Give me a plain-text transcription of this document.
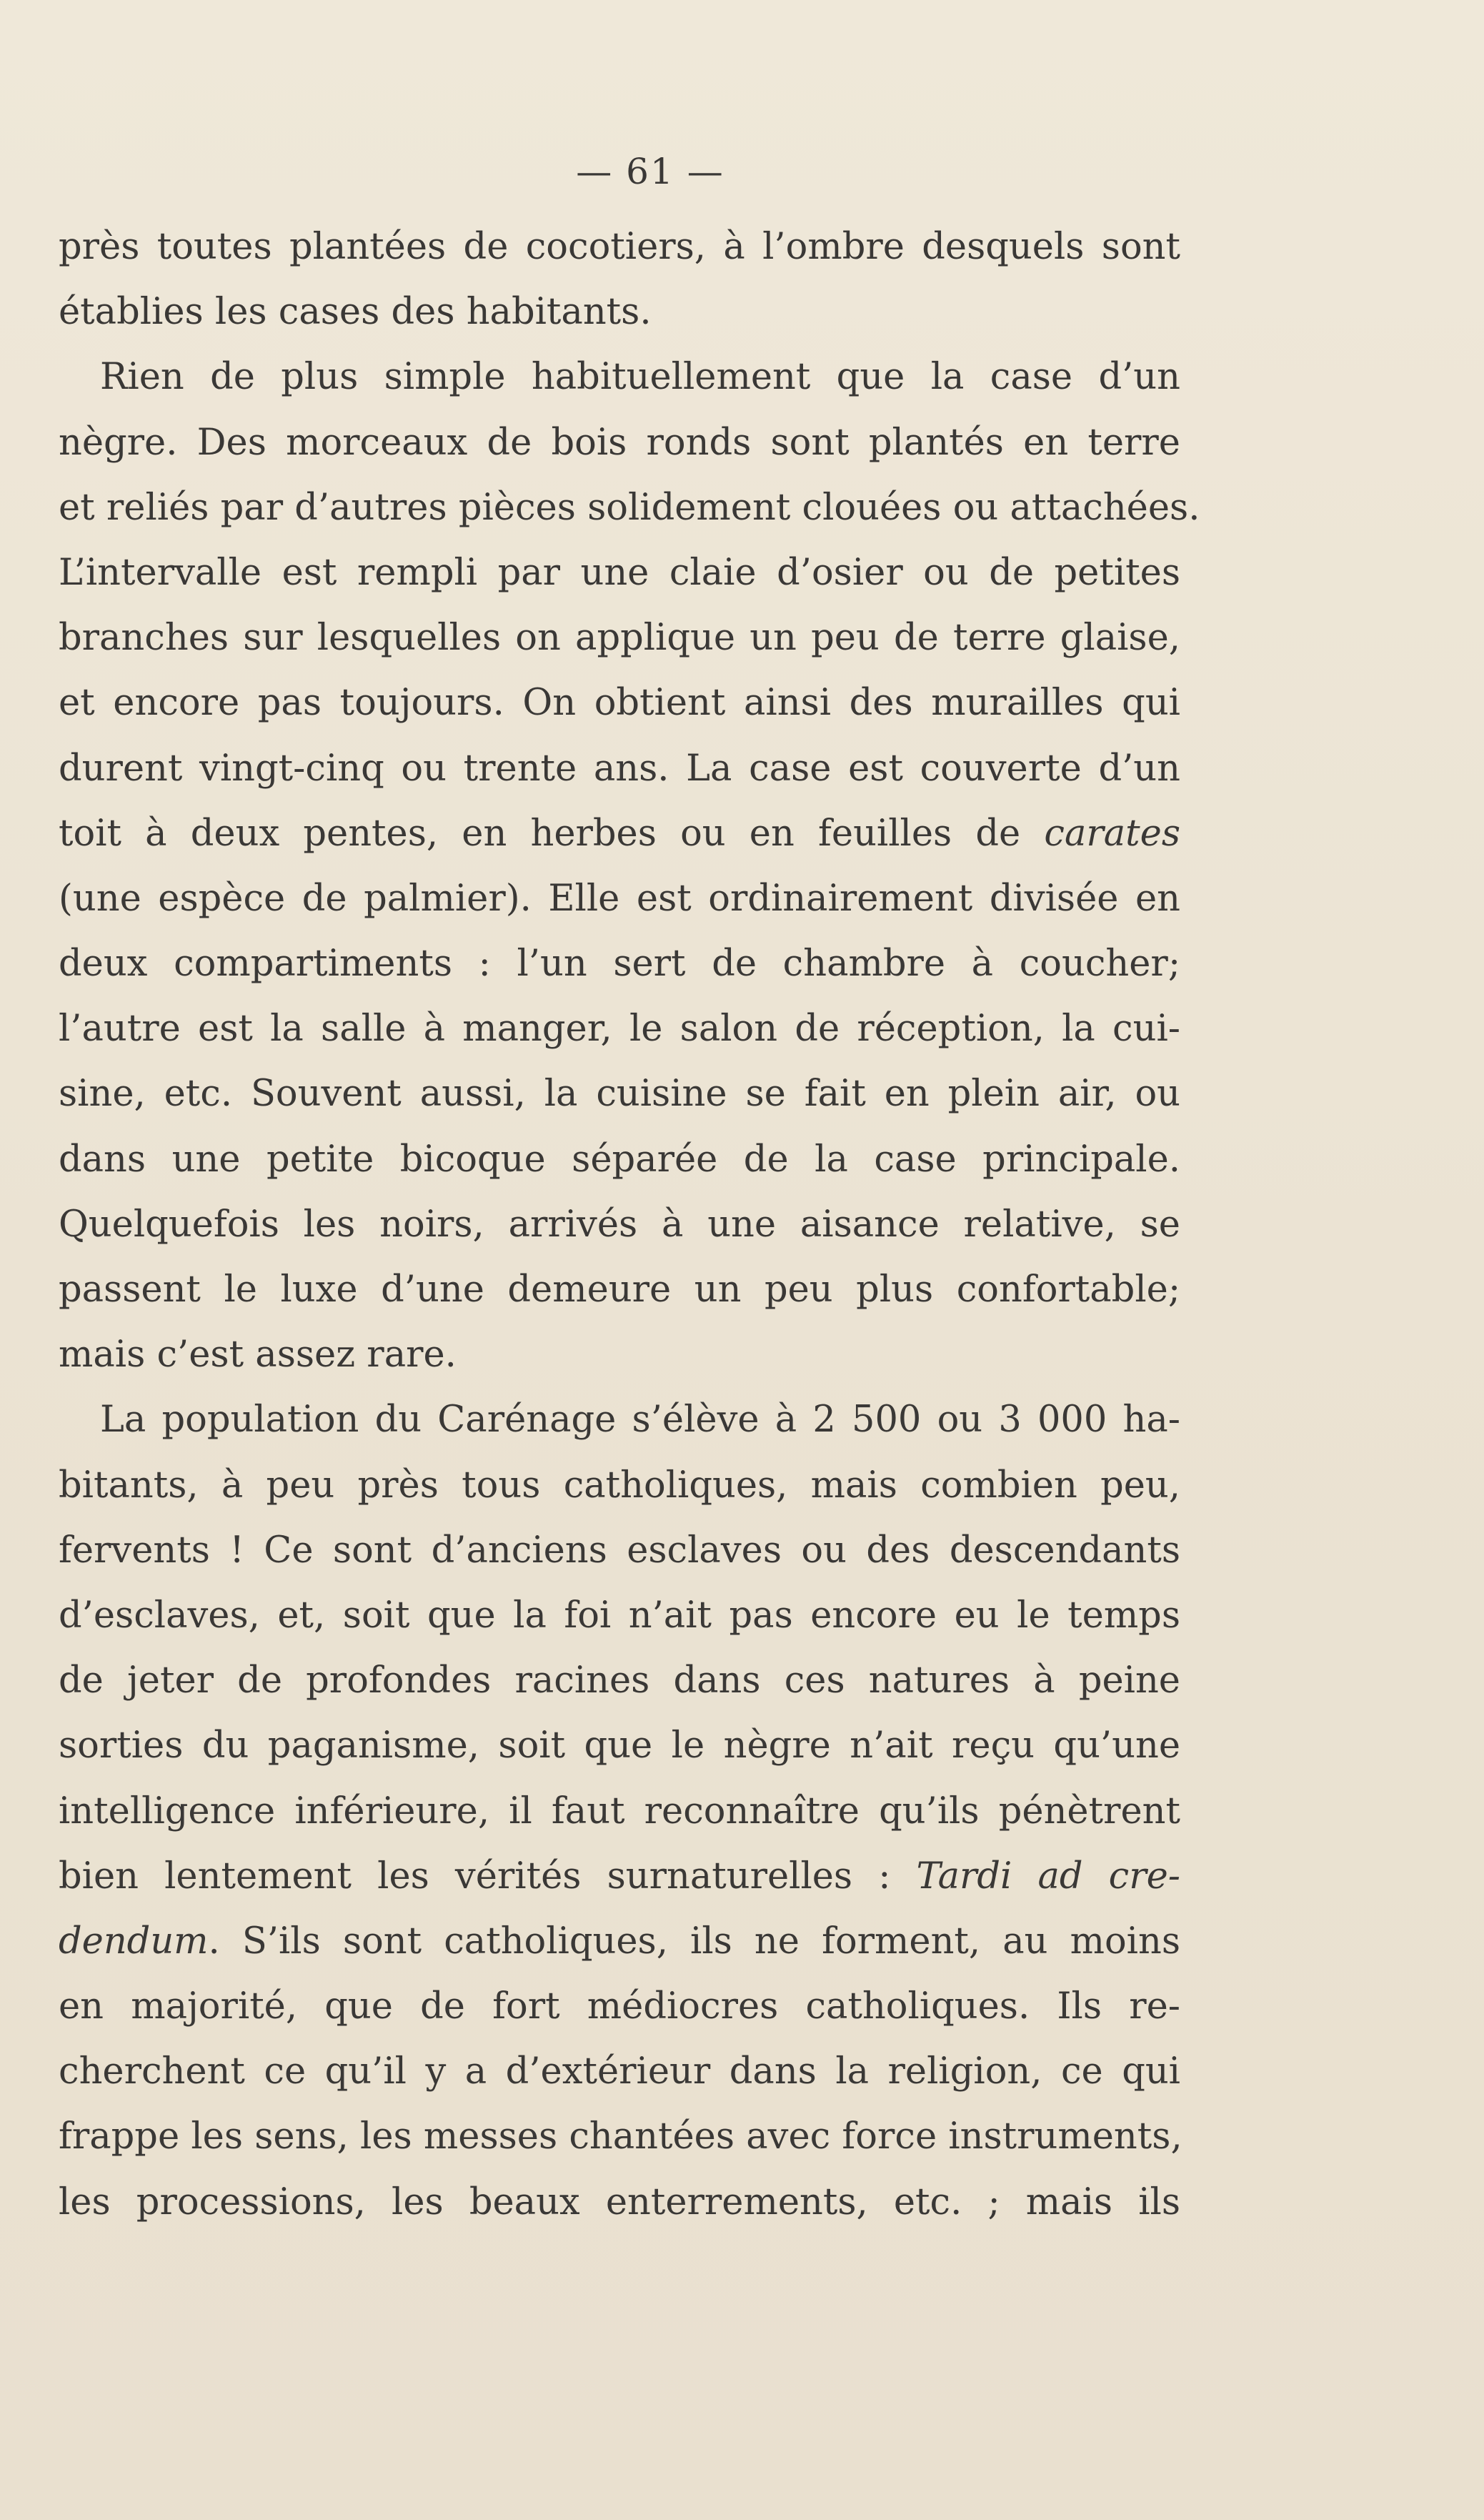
— 61 —
près toutes plantées de cocotiers, à l’ombre desquels sont
établies les cases des habitants.
Rien de plus simple habituellement que la case d’un
nègre. Des morceaux de bois ronds sont plantés en terre
et reliés par d’autres pièces solidement clouées ou attachées.
L’intervalle est rempli par une claie d’osier ou de petites
branches sur lesquelles on applique un peu de terre glaise,
et encore pas toujours. On obtient ainsi des murailles qui
durent vingt-cinq ou trente ans. La case est couverte d’un
toit à deux pentes, en herbes ou en feuilles de carates
(une espèce de palmier). Elle est ordinairement divisée en
deux compartiments : l’un sert de chambre à coucher;
l’autre est la salle à manger, le salon de réception, la cui-
sine, etc. Souvent aussi, la cuisine se fait en plein air, ou
dans une petite bicoque séparée de la case principale.
Quelquefois les noirs, arrivés à une aisance relative, se
passent le luxe d’une demeure un peu plus confortable;
mais c’est assez rare.
La population du Carénage s’élève à 2 500 ou 3 000 ha-
bitants, à peu près tous catholiques, mais combien peu,
fervents ! Ce sont d’anciens esclaves ou des descendants
d’esclaves, et, soit que la foi n’ait pas encore eu le temps
de jeter de profondes racines dans ces natures à peine
sorties du paganisme, soit que le nègre n’ait reçu qu’une
intelligence inférieure, il faut reconnaître qu’ils pénètrent
bien lentement les vérités surnaturelles : Tardi ad cre-
dendum. S’ils sont catholiques, ils ne forment, au moins
en majorité, que de fort médiocres catholiques. Ils re-
cherchent ce qu’il y a d’extérieur dans la religion, ce qui
frappe les sens, les messes chantées avec force instruments,
les processions, les beaux enterrements, etc. ; mais ils
